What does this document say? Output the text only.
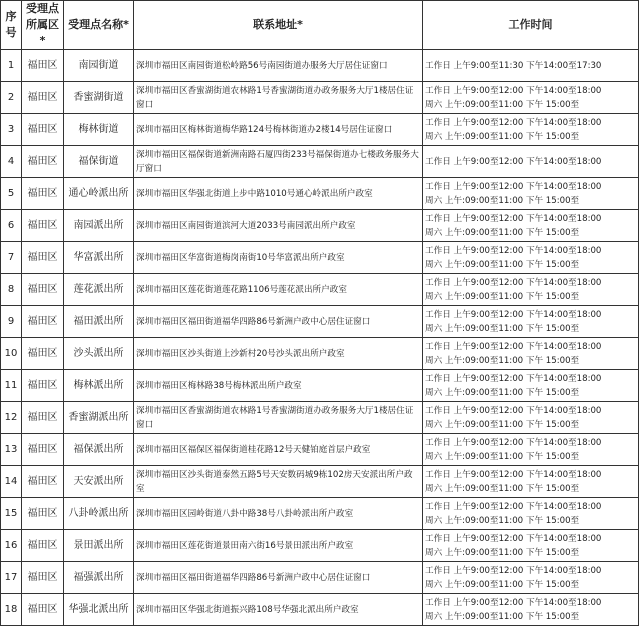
序号	受理点所属区*	受理点名称*	联系地址*	工作时间
1	福田区	南园街道	深圳市福田区南园街道松岭路56号南园街道办服务大厅居住证窗口	工作日 上午9:00至11:30 下午14:00至17:30

2	福田区	香蜜湖街道	深圳市福田区香蜜湖街道农林路1号香蜜湖街道办政务服务大厅1楼居住证窗口	工作日 上午9:00至12:00 下午14:00至18:00
周六 上午:09:00至11:00 下午 15:00至

3	福田区	梅林街道	深圳市福田区梅林街道梅华路124号梅林街道办2楼14号居住证窗口	工作日 上午9:00至12:00 下午14:00至18:00
周六 上午:09:00至11:00 下午 15:00至

4	福田区	福保街道	深圳市福田区福保街道新洲南路石厦四街233号福保街道办七楼政务服务大厅窗口	工作日 上午9:00至12:00 下午14:00至18:00

5	福田区	通心岭派出所	深圳市福田区华强北街道上步中路1010号通心岭派出所户政室	工作日 上午9:00至12:00 下午14:00至18:00
周六 上午:09:00至11:00 下午 15:00至

6	福田区	南园派出所	深圳市福田区南园街道滨河大道2033号南园派出所户政室	工作日 上午9:00至12:00 下午14:00至18:00
周六 上午:09:00至11:00 下午 15:00至

7	福田区	华富派出所	深圳市福田区华富街道梅岗南街10号华富派出所户政室	工作日 上午9:00至12:00 下午14:00至18:00
周六 上午:09:00至11:00 下午 15:00至

8	福田区	莲花派出所	深圳市福田区莲花街道莲花路1106号莲花派出所户政室	工作日 上午9:00至12:00 下午14:00至18:00
周六 上午:09:00至11:00 下午 15:00至

9	福田区	福田派出所	深圳市福田区福田街道福华四路86号新洲户政中心居住证窗口	工作日 上午9:00至12:00 下午14:00至18:00
周六 上午:09:00至11:00 下午 15:00至

10	福田区	沙头派出所	深圳市福田区沙头街道上沙新村20号沙头派出所户政室	工作日 上午9:00至12:00 下午14:00至18:00
周六 上午:09:00至11:00 下午 15:00至

11	福田区	梅林派出所	深圳市福田区梅林路38号梅林派出所户政室	工作日 上午9:00至12:00 下午14:00至18:00
周六 上午:09:00至11:00 下午 15:00至

12	福田区	香蜜湖派出所	深圳市福田区香蜜湖街道农林路1号香蜜湖街道办政务服务大厅1楼居住证窗口	工作日 上午9:00至12:00 下午14:00至18:00
周六 上午:09:00至11:00 下午 15:00至

13	福田区	福保派出所	深圳市福田区福保区福保街道桂花路12号天健铂庭首层户政室	工作日 上午9:00至12:00 下午14:00至18:00
周六 上午:09:00至11:00 下午 15:00至

14	福田区	天安派出所	深圳市福田区沙头街道泰然五路5号天安数码城9栋102房天安派出所户政室	工作日 上午9:00至12:00 下午14:00至18:00
周六 上午:09:00至11:00 下午 15:00至

15	福田区	八卦岭派出所	深圳市福田区园岭街道八卦中路38号八卦岭派出所户政室	工作日 上午9:00至12:00 下午14:00至18:00
周六 上午:09:00至11:00 下午 15:00至

16	福田区	景田派出所	深圳市福田区莲花街道景田南六街16号景田派出所户政室	工作日 上午9:00至12:00 下午14:00至18:00
周六 上午:09:00至11:00 下午 15:00至

17	福田区	福强派出所	深圳市福田区福田街道福华四路86号新洲户政中心居住证窗口	工作日 上午9:00至12:00 下午14:00至18:00
周六 上午:09:00至11:00 下午 15:00至

18	福田区	华强北派出所	深圳市福田区华强北街道振兴路108号华强北派出所户政室	工作日 上午9:00至12:00 下午14:00至18:00
周六 上午:09:00至11:00 下午 15:00至
